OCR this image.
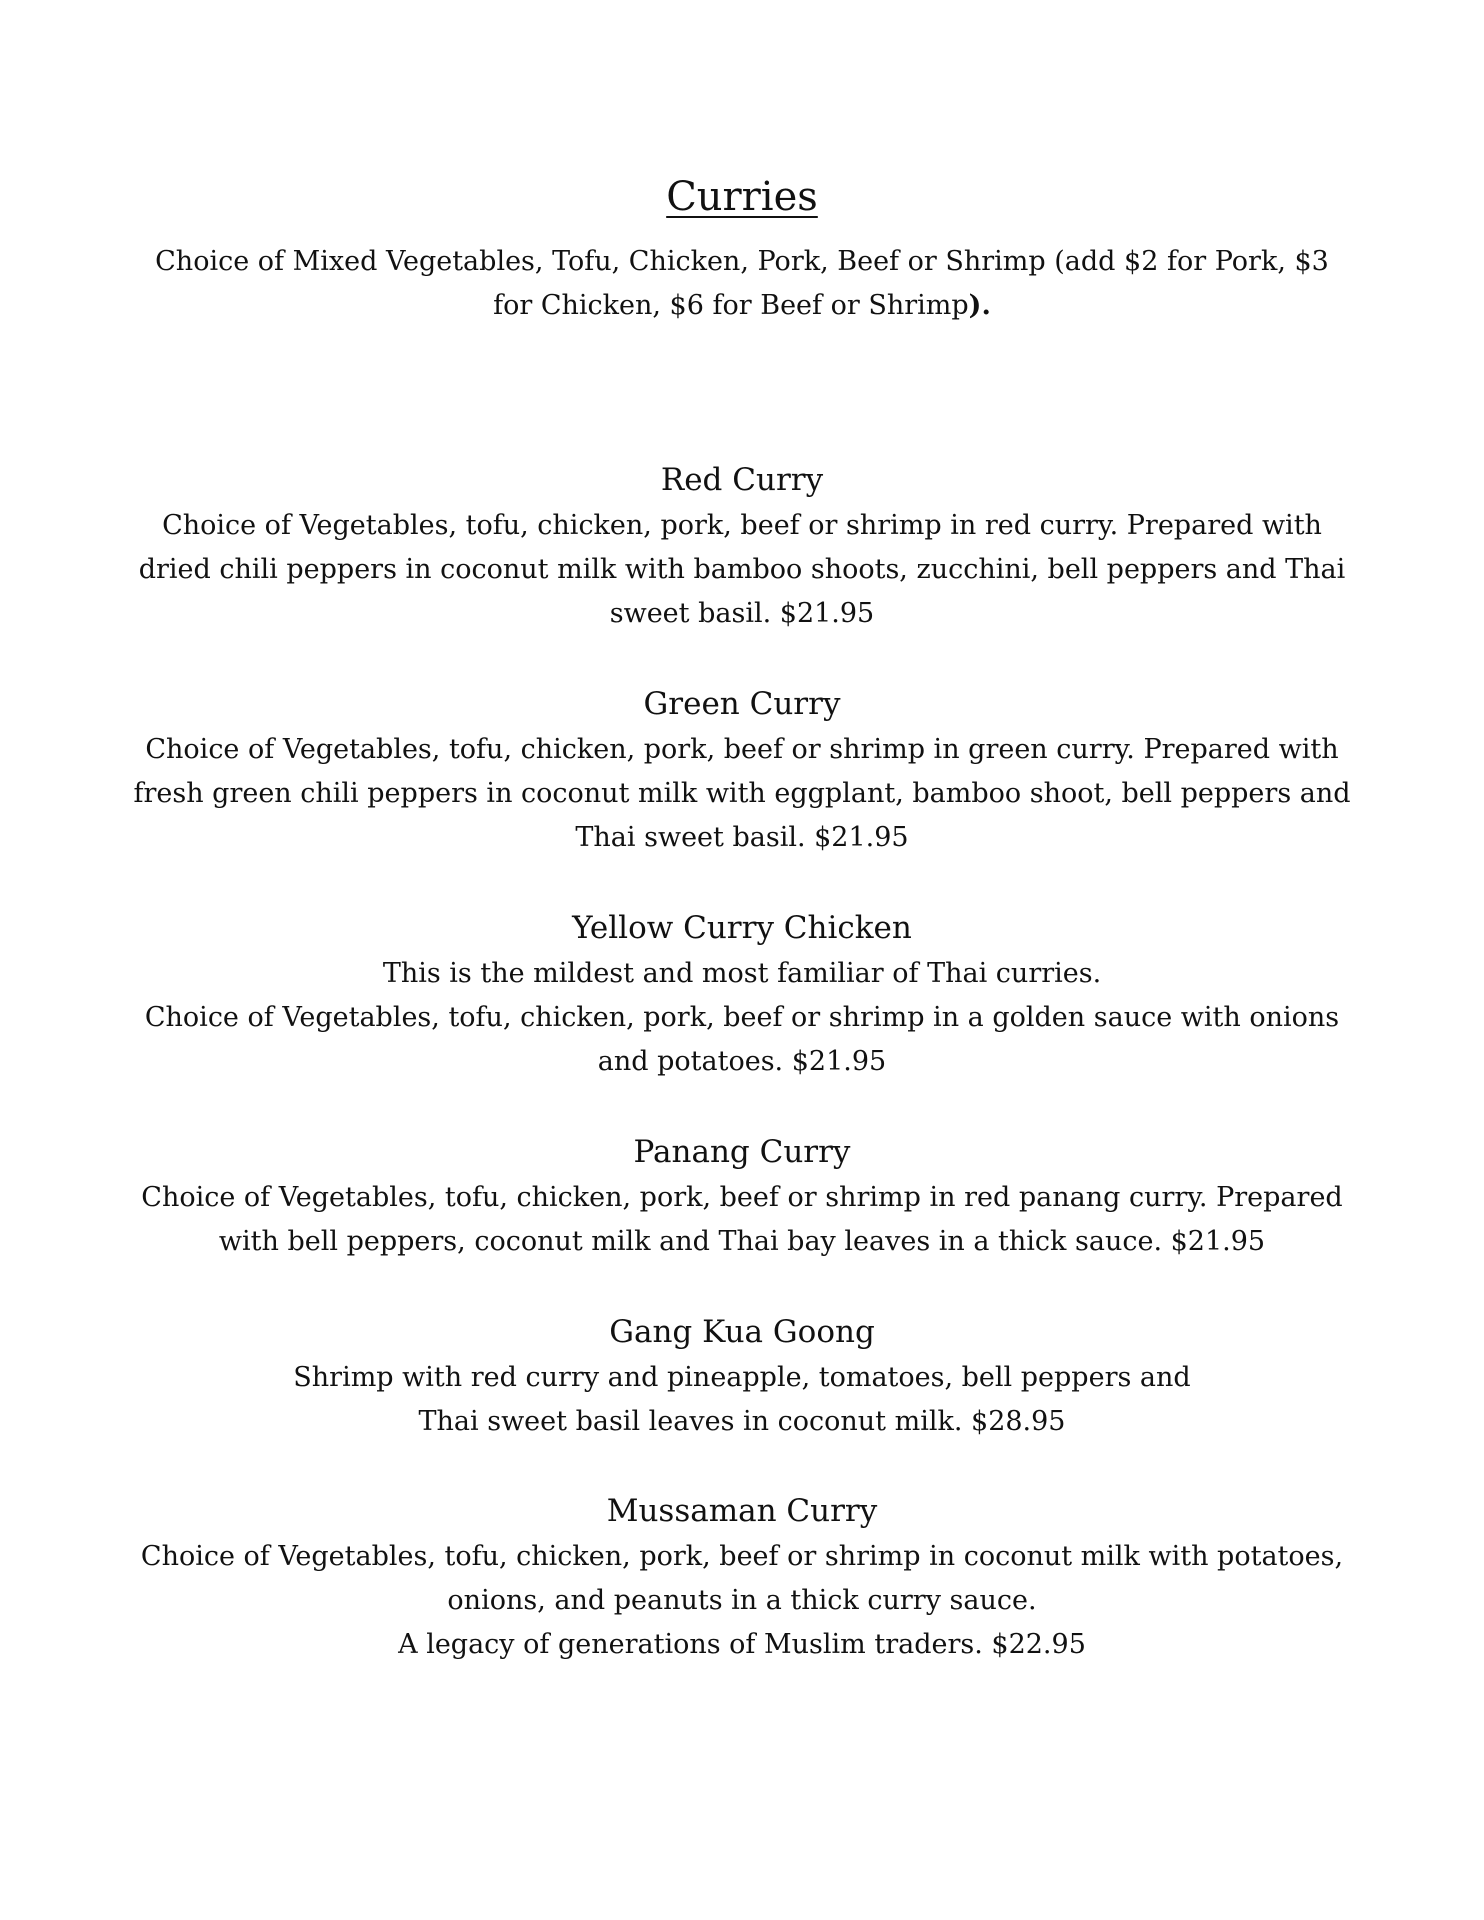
Curries
Choice of Mixed Vegetables, Tofu, Chicken, Pork, Beef or Shrimp (add $2 for Pork, $3
for Chicken, $6 for Beef or Shrimp).
Red Curry
Choice of Vegetables, tofu, chicken, pork, beef or shrimp in red curry. Prepared with
dried chili peppers in coconut milk with bamboo shoots, zucchini, bell peppers and Thai
sweet basil. $21.95
Green Curry
Choice of Vegetables, tofu, chicken, pork, beef or shrimp in green curry. Prepared with
fresh green chili peppers in coconut milk with eggplant, bamboo shoot, bell peppers and
Thai sweet basil. $21.95
Yellow Curry Chicken
This is the mildest and most familiar of Thai curries.
Choice of Vegetables, tofu, chicken, pork, beef or shrimp in a golden sauce with onions
and potatoes. $21.95
Panang Curry
Choice of Vegetables, tofu, chicken, pork, beef or shrimp in red panang curry. Prepared
with bell peppers, coconut milk and Thai bay leaves in a thick sauce. $21.95
Gang Kua Goong
Shrimp with red curry and pineapple, tomatoes, bell peppers and
Thai sweet basil leaves in coconut milk. $28.95
Mussaman Curry
Choice of Vegetables, tofu, chicken, pork, beef or shrimp in coconut milk with potatoes,
onions, and peanuts in a thick curry sauce.
A legacy of generations of Muslim traders. $22.95
